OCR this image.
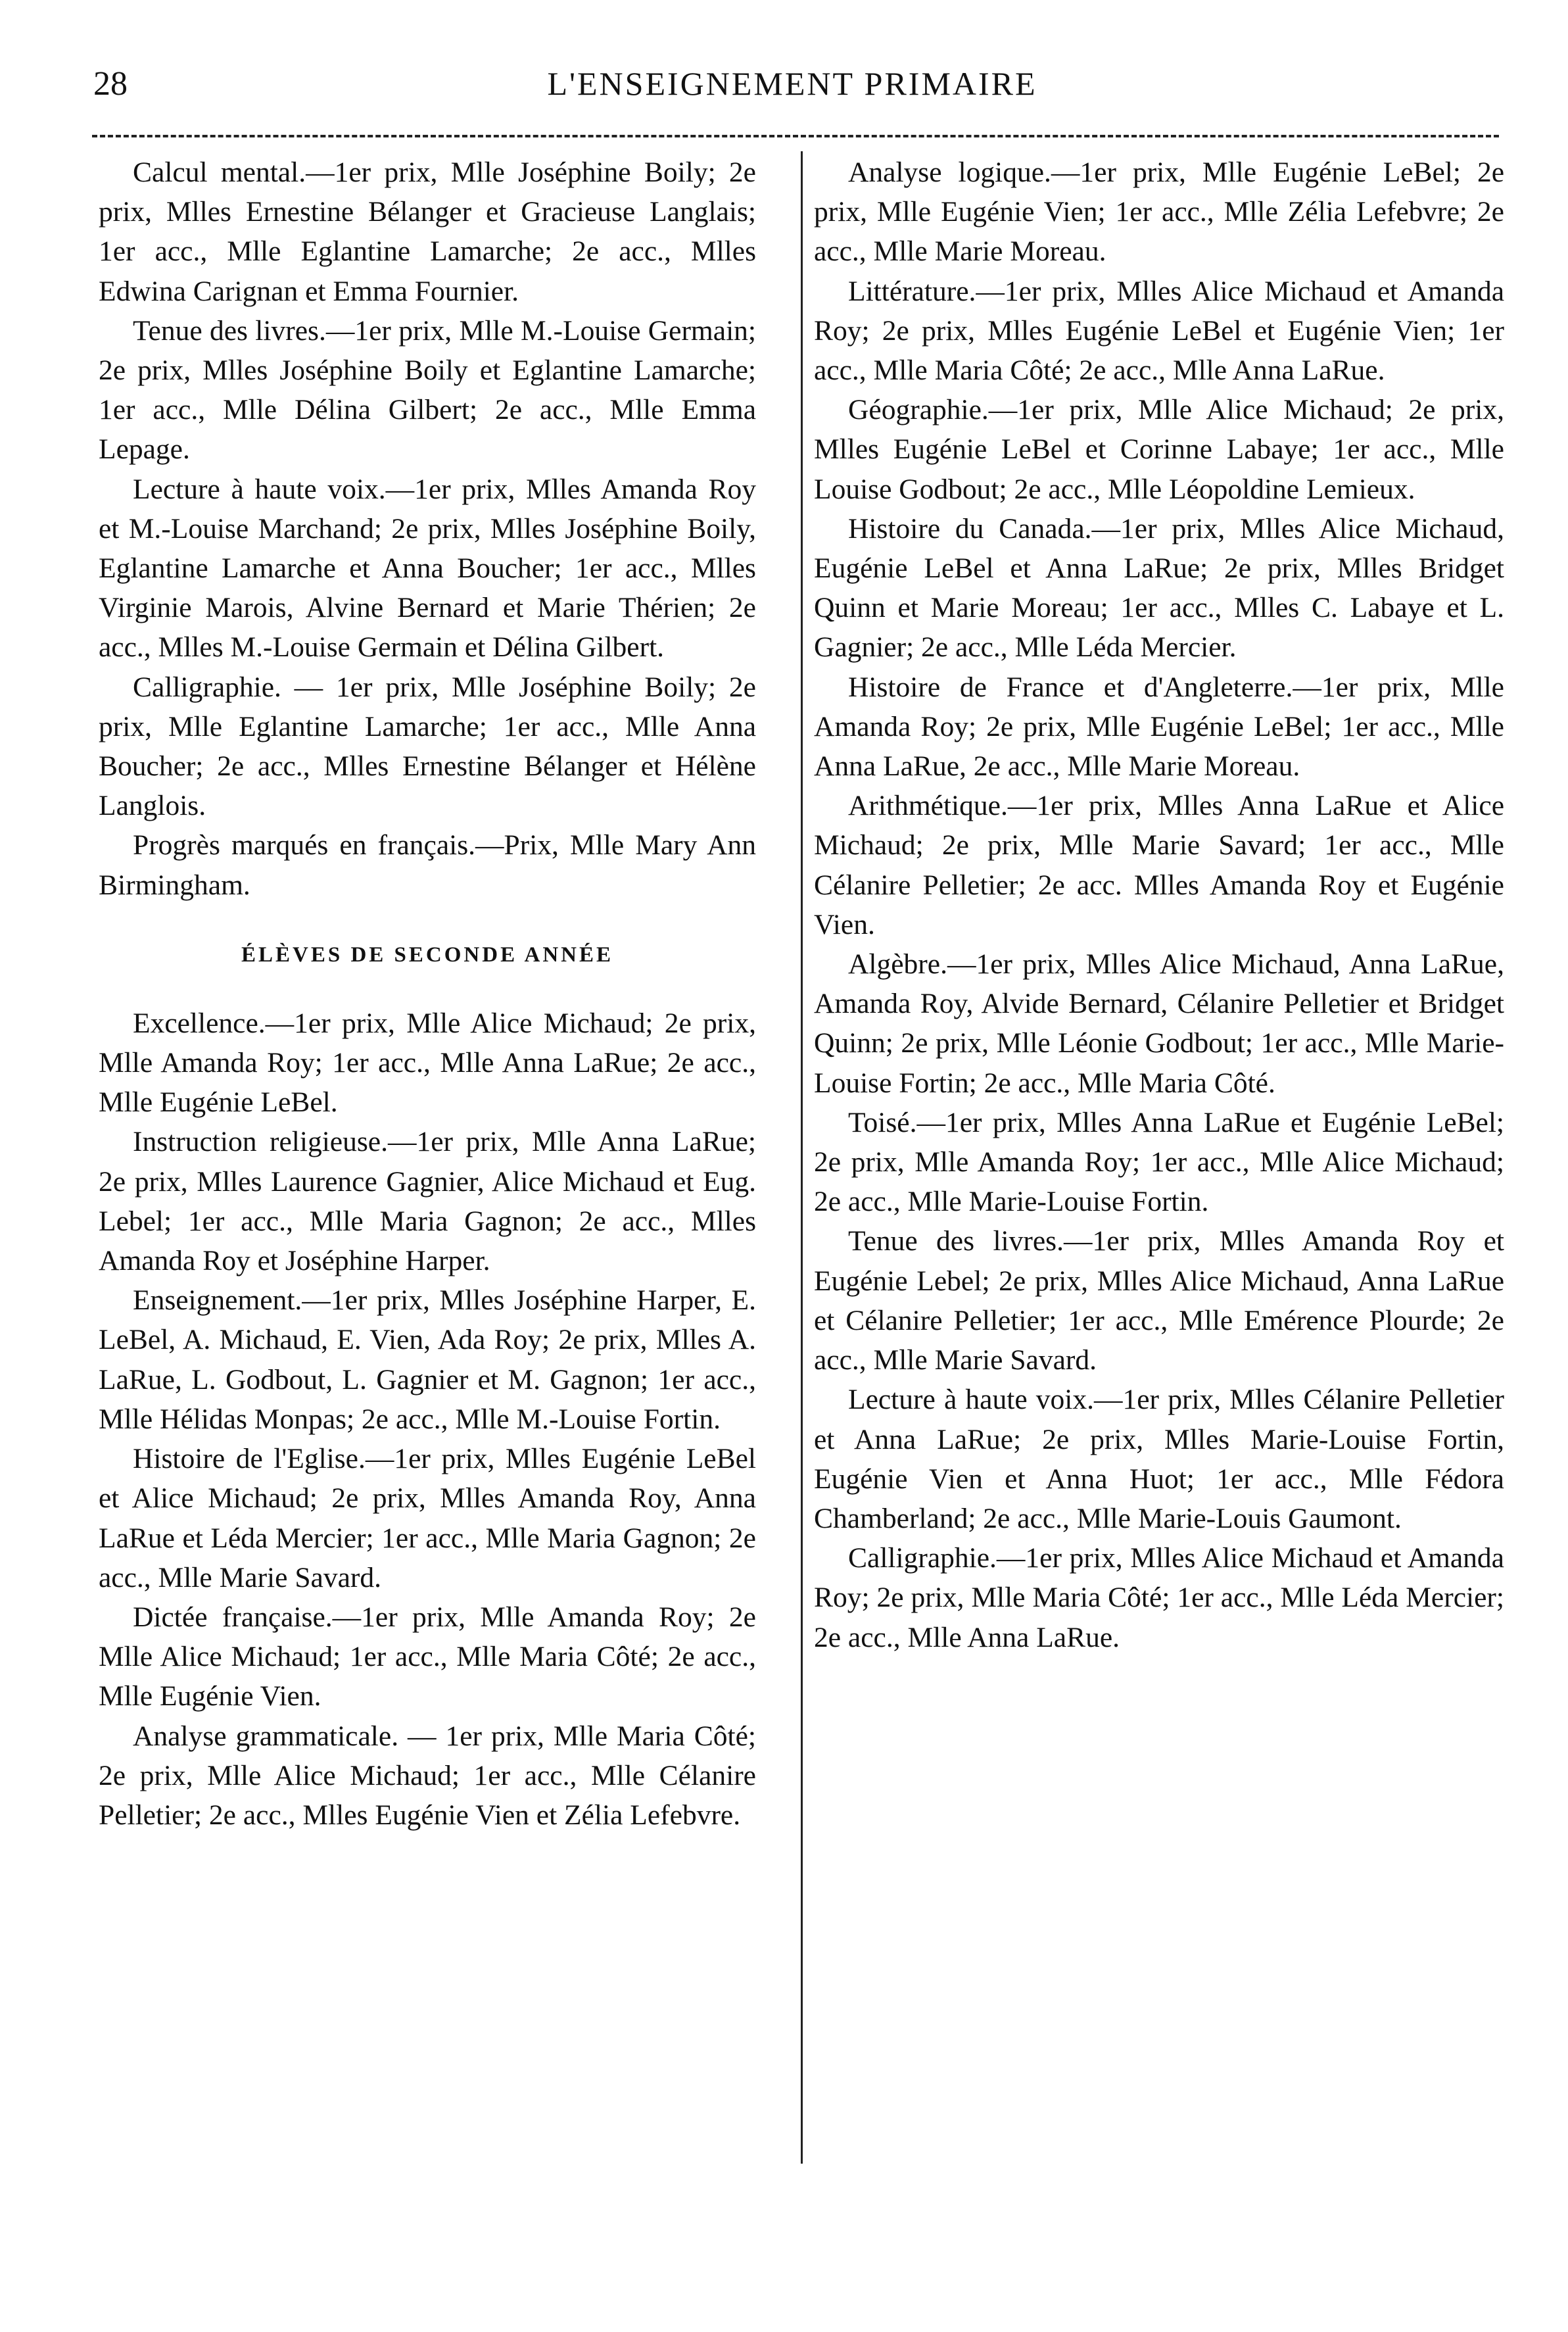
28	L'ENSEIGNEMENT PRIMAIRE

Calcul mental.—1er prix, Mlle Joséphine Boily; 2e prix, Mlles Ernestine Bélanger et Gracieuse Langlais; 1er acc., Mlle Eglantine Lamarche; 2e acc., Mlles Edwina Carignan et Emma Fournier.

Tenue des livres.—1er prix, Mlle M.-Louise Germain; 2e prix, Mlles Joséphine Boily et Eglantine Lamarche; 1er acc., Mlle Délina Gilbert; 2e acc., Mlle Emma Lepage.

Lecture à haute voix.—1er prix, Mlles Amanda Roy et M.-Louise Marchand; 2e prix, Mlles Joséphine Boily, Eglantine Lamarche et Anna Boucher; 1er acc., Mlles Virginie Marois, Alvine Bernard et Marie Thérien; 2e acc., Mlles M.-Louise Germain et Délina Gilbert.

Calligraphie. — 1er prix, Mlle Joséphine Boily; 2e prix, Mlle Eglantine Lamarche; 1er acc., Mlle Anna Boucher; 2e acc., Mlles Ernestine Bélanger et Hélène Langlois.

Progrès marqués en français.—Prix, Mlle Mary Ann Birmingham.

ÉLÈVES DE SECONDE ANNÉE

Excellence.—1er prix, Mlle Alice Michaud; 2e prix, Mlle Amanda Roy; 1er acc., Mlle Anna LaRue; 2e acc., Mlle Eugénie LeBel.

Instruction religieuse.—1er prix, Mlle Anna LaRue; 2e prix, Mlles Laurence Gagnier, Alice Michaud et Eug. Lebel; 1er acc., Mlle Maria Gagnon; 2e acc., Mlles Amanda Roy et Joséphine Harper.

Enseignement.—1er prix, Mlles Joséphine Harper, E. LeBel, A. Michaud, E. Vien, Ada Roy; 2e prix, Mlles A. LaRue, L. Godbout, L. Gagnier et M. Gagnon; 1er acc., Mlle Hélidas Monpas; 2e acc., Mlle M.-Louise Fortin.

Histoire de l'Eglise.—1er prix, Mlles Eugénie LeBel et Alice Michaud; 2e prix, Mlles Amanda Roy, Anna LaRue et Léda Mercier; 1er acc., Mlle Maria Gagnon; 2e acc., Mlle Marie Savard.

Dictée française.—1er prix, Mlle Amanda Roy; 2e Mlle Alice Michaud; 1er acc., Mlle Maria Côté; 2e acc., Mlle Eugénie Vien.

Analyse grammaticale. — 1er prix, Mlle Maria Côté; 2e prix, Mlle Alice Michaud; 1er acc., Mlle Célanire Pelletier; 2e acc., Mlles Eugénie Vien et Zélia Lefebvre.

Analyse logique.—1er prix, Mlle Eugénie LeBel; 2e prix, Mlle Eugénie Vien; 1er acc., Mlle Zélia Lefebvre; 2e acc., Mlle Marie Moreau.

Littérature.—1er prix, Mlles Alice Michaud et Amanda Roy; 2e prix, Mlles Eugénie LeBel et Eugénie Vien; 1er acc., Mlle Maria Côté; 2e acc., Mlle Anna LaRue.

Géographie.—1er prix, Mlle Alice Michaud; 2e prix, Mlles Eugénie LeBel et Corinne Labaye; 1er acc., Mlle Louise Godbout; 2e acc., Mlle Léopoldine Lemieux.

Histoire du Canada.—1er prix, Mlles Alice Michaud, Eugénie LeBel et Anna LaRue; 2e prix, Mlles Bridget Quinn et Marie Moreau; 1er acc., Mlles C. Labaye et L. Gagnier; 2e acc., Mlle Léda Mercier.

Histoire de France et d'Angleterre.—1er prix, Mlle Amanda Roy; 2e prix, Mlle Eugénie LeBel; 1er acc., Mlle Anna LaRue, 2e acc., Mlle Marie Moreau.

Arithmétique.—1er prix, Mlles Anna LaRue et Alice Michaud; 2e prix, Mlle Marie Savard; 1er acc., Mlle Célanire Pelletier; 2e acc. Mlles Amanda Roy et Eugénie Vien.

Algèbre.—1er prix, Mlles Alice Michaud, Anna LaRue, Amanda Roy, Alvide Bernard, Célanire Pelletier et Bridget Quinn; 2e prix, Mlle Léonie Godbout; 1er acc., Mlle Marie-Louise Fortin; 2e acc., Mlle Maria Côté.

Toisé.—1er prix, Mlles Anna LaRue et Eugénie LeBel; 2e prix, Mlle Amanda Roy; 1er acc., Mlle Alice Michaud; 2e acc., Mlle Marie-Louise Fortin.

Tenue des livres.—1er prix, Mlles Amanda Roy et Eugénie Lebel; 2e prix, Mlles Alice Michaud, Anna LaRue et Célanire Pelletier; 1er acc., Mlle Emérence Plourde; 2e acc., Mlle Marie Savard.

Lecture à haute voix.—1er prix, Mlles Célanire Pelletier et Anna LaRue; 2e prix, Mlles Marie-Louise Fortin, Eugénie Vien et Anna Huot; 1er acc., Mlle Fédora Chamberland; 2e acc., Mlle Marie-Louis Gaumont.

Calligraphie.—1er prix, Mlles Alice Michaud et Amanda Roy; 2e prix, Mlle Maria Côté; 1er acc., Mlle Léda Mercier; 2e acc., Mlle Anna LaRue.
